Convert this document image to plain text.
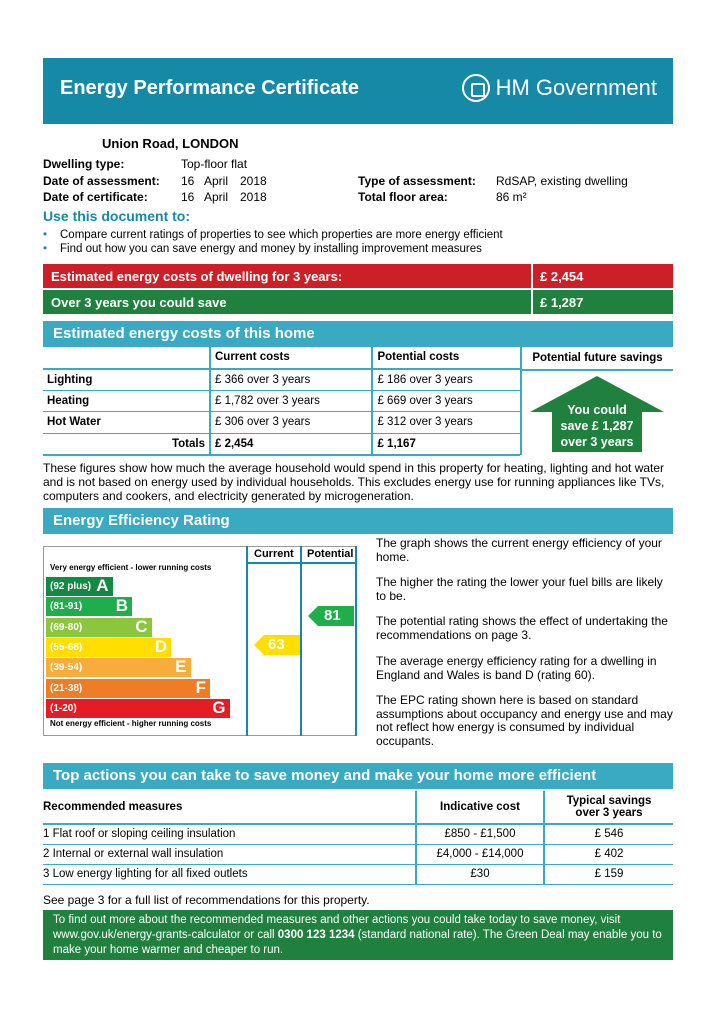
Energy Performance Certificate	HM Government
Union Road, LONDON
Dwelling type:	Top-floor flat
Date of assessment: 16 April 2018
Date of certificate:	16 April 2018
Type of assessment: RdSAP, existing dwelling
Total floor area:	86 m²
Use this document to:
• Compare current ratings of properties to see which properties are more energy efficient
• Find out how you can save energy and money by installing improvement measures
Estimated energy costs of dwelling for 3 years:	£ 2,454
Over 3 years you could save	£ 1,287
Estimated energy costs of this home
	Current costs	Potential costs
Lighting	£ 366 over 3 years	£ 186 over 3 years
Heating	£ 1,782 over 3 years	£ 669 over 3 years
Hot Water	£ 306 over 3 years	£ 312 over 3 years
Totals	£ 2,454	£ 1,167
Potential future savings
You could
save £ 1,287
over 3 years
These figures show how much the average household would spend in this property for heating, lighting and hot water and is not based on energy used by individual households. This excludes energy use for running appliances like TVs, computers and cookers, and electricity generated by microgeneration.
Energy Efficiency Rating
Current Potential
Very energy efficient - lower running costs
Not energy efficient - higher running costs
(92 plus) A
(81-91) B
(69-80)	C
(55-68)	D
(39-54)	E
(21-38)	F
(1-20)	G
63
81
The graph shows the current energy efficiency of your home.
The higher the rating the lower your fuel bills are likely to be.
The potential rating shows the effect of undertaking the recommendations on page 3.
The average energy efficiency rating for a dwelling in England and Wales is band D (rating 60).
The EPC rating shown here is based on standard assumptions about occupancy and energy use and may not reflect how energy is consumed by individual occupants.
Top actions you can take to save money and make your home more efficient
Recommended measures	Indicative cost	Typical savings
over 3 years

1 Flat roof or sloping ceiling insulation	£850 - £1,500	£ 546
2 Internal or external wall insulation	£4,000 - £14,000	£ 402
3 Low energy lighting for all fixed outlets	£30	£ 159
See page 3 for a full list of recommendations for this property.
To find out more about the recommended measures and other actions you could take today to save money, visit www.gov.uk/energy-grants-calculator or call 0300 123 1234 (standard national rate). The Green Deal may enable you to make your home warmer and cheaper to run.
